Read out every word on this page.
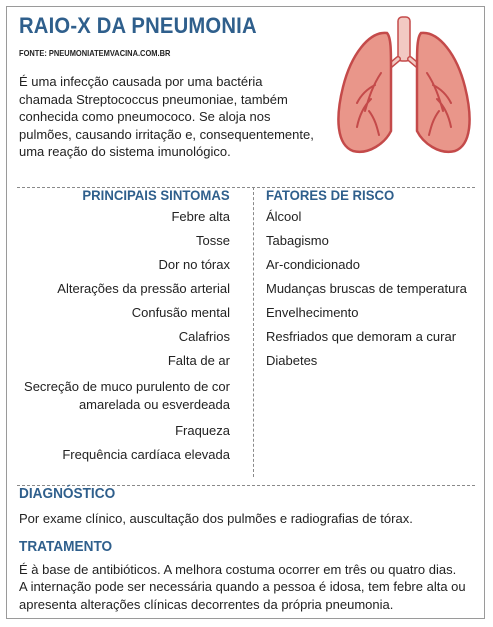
RAIO-X DA PNEUMONIA
FONTE: PNEUMONIATEMVACINA.COM.BR
É uma infecção causada por uma bactéria chamada Streptococcus pneumoniae, também conhecida como pneumococo. Se aloja nos pulmões, causando irritação e, consequentemente, uma reação do sistema imunológico.
PRINCIPAIS SINTOMAS	FATORES DE RISCO
Febre alta
Tosse
Dor no tórax
Alterações da pressão arterial
Confusão mental
Calafrios
Falta de ar
Secreção de muco purulento de cor
amarelada ou esverdeada
Fraqueza
Frequência cardíaca elevada
Álcool
Tabagismo
Ar-condicionado
Mudanças bruscas de temperatura
Envelhecimento
Resfriados que demoram a curar
Diabetes
DIAGNÓSTICO
Por exame clínico, auscultação dos pulmões e radiografias de tórax.
TRATAMENTO
É à base de antibióticos. A melhora costuma ocorrer em três ou quatro dias.
A internação pode ser necessária quando a pessoa é idosa, tem febre alta ou apresenta alterações clínicas decorrentes da própria pneumonia.
